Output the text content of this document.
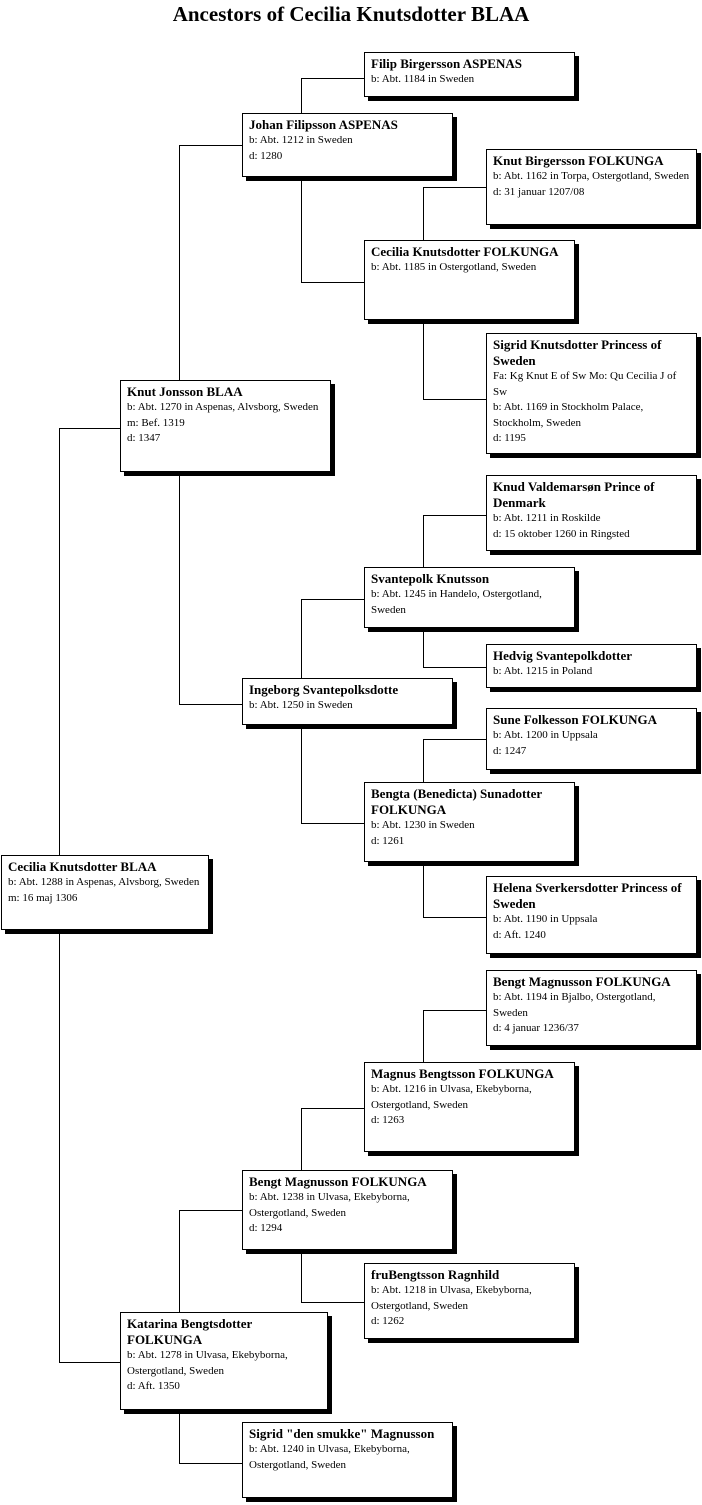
Ancestors of Cecilia Knutsdotter BLAA
Filip Birgersson ASPENAS
b: Abt. 1184 in Sweden
Johan Filipsson ASPENAS
b: Abt. 1212 in Sweden
d: 1280	Knut Birgersson FOLKUNGA
b: Abt. 1162 in Torpa, Ostergotland, Sweden
d: 31 januar 1207/08
Cecilia Knutsdotter FOLKUNGA
b: Abt. 1185 in Ostergotland, Sweden
Sigrid Knutsdotter Princess of Sweden
Fa: Kg Knut E of Sw Mo: Qu Cecilia J of Sw
b: Abt. 1169 in Stockholm Palace, Stockholm, Sweden
d: 1195
Knut Jonsson BLAA
b: Abt. 1270 in Aspenas, Alvsborg, Sweden
m: Bef. 1319
d: 1347
Knud Valdemarsøn Prince of Denmark
b: Abt. 1211 in Roskilde
d: 15 oktober 1260 in Ringsted
Svantepolk Knutsson
b: Abt. 1245 in Handelo, Ostergotland, Sweden
Hedvig Svantepolkdotter
b: Abt. 1215 in Poland
Ingeborg Svantepolksdotte
b: Abt. 1250 in Sweden
Sune Folkesson FOLKUNGA
b: Abt. 1200 in Uppsala
d: 1247
Bengta (Benedicta) Sunadotter FOLKUNGA
b: Abt. 1230 in Sweden
d: 1261
Helena Sverkersdotter Princess of Sweden
b: Abt. 1190 in Uppsala
d: Aft. 1240
Cecilia Knutsdotter BLAA
b: Abt. 1288 in Aspenas, Alvsborg, Sweden
m: 16 maj 1306
Bengt Magnusson FOLKUNGA
b: Abt. 1194 in Bjalbo, Ostergotland, Sweden
d: 4 januar 1236/37
Magnus Bengtsson FOLKUNGA
b: Abt. 1216 in Ulvasa, Ekebyborna, Ostergotland, Sweden
d: 1263
Bengt Magnusson FOLKUNGA
b: Abt. 1238 in Ulvasa, Ekebyborna, Ostergotland, Sweden
d: 1294
fruBengtsson Ragnhild
b: Abt. 1218 in Ulvasa, Ekebyborna, Ostergotland, Sweden
d: 1262
Katarina Bengtsdotter FOLKUNGA
b: Abt. 1278 in Ulvasa, Ekebyborna, Ostergotland, Sweden
d: Aft. 1350
Sigrid "den smukke" Magnusson
b: Abt. 1240 in Ulvasa, Ekebyborna, Ostergotland, Sweden
